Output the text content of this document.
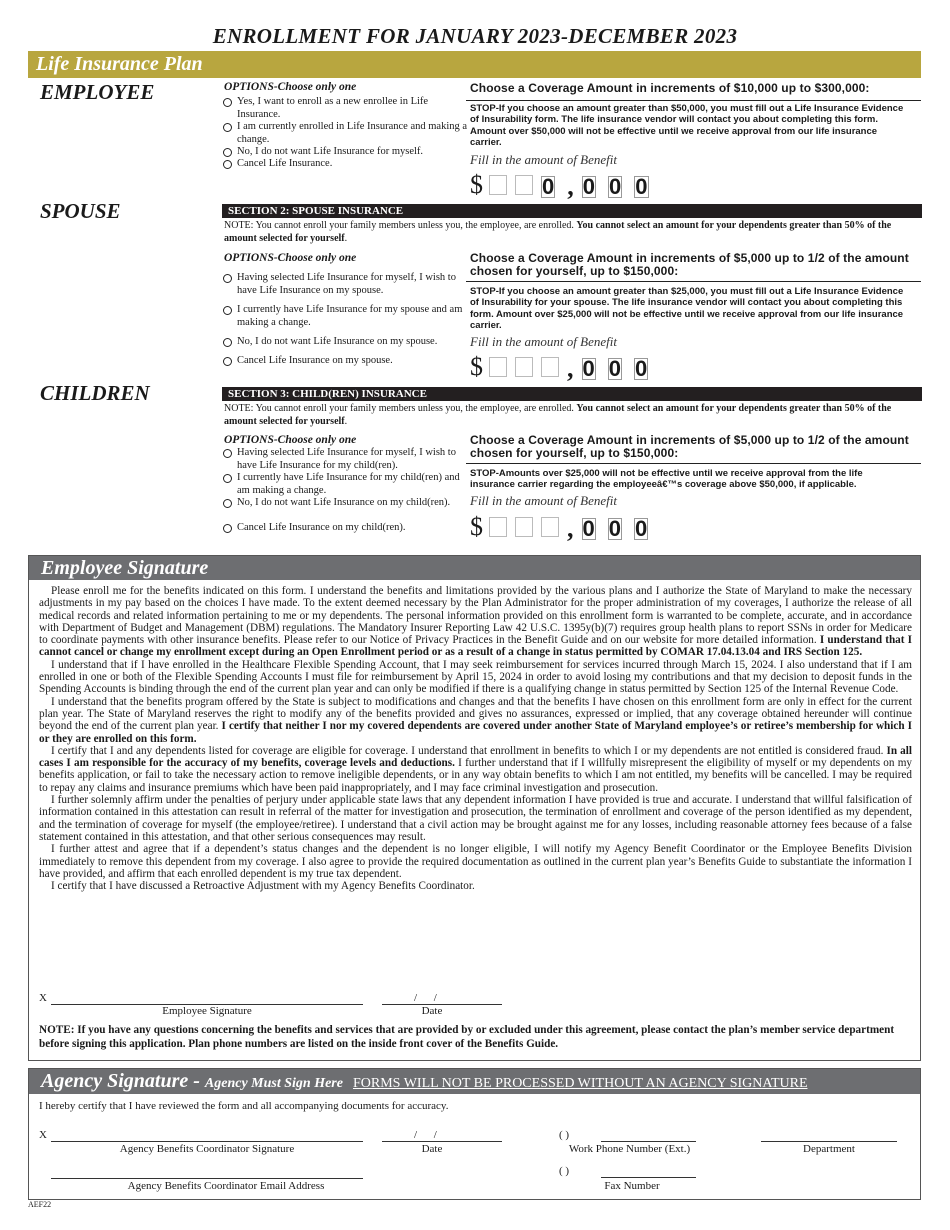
ENROLLMENT FOR JANUARY 2023-DECEMBER 2023
Life Insurance Plan
EMPLOYEE	OPTIONS-Choose only one
Yes, I want to enroll as a new enrollee in Life Insurance.
I am currently enrolled in Life Insurance and making a change.
No, I do not want Life Insurance for myself.
Cancel Life Insurance.
Choose a Coverage Amount in increments of $10,000 up to $300,000:
STOP-If you choose an amount greater than $50,000, you must fill out a Life Insurance Evidence of Insurability form. The life insurance vendor will contact you about completing this form. Amount over $50,000 will not be effective until we receive approval from our life insurance carrier.
Fill in the amount of Benefit
$	0 , 0 0 0
SPOUSE	SECTION 2: SPOUSE INSURANCE
NOTE: You cannot enroll your family members unless you, the employee, are enrolled. You cannot select an amount for your dependents greater than 50% of the amount selected for yourself.
OPTIONS-Choose only one
Having selected Life Insurance for myself, I wish to have Life Insurance on my spouse.
I currently have Life Insurance for my spouse and am making a change.
No, I do not want Life Insurance on my spouse.
Cancel Life Insurance on my spouse.
Choose a Coverage Amount in increments of $5,000 up to 1/2 of the amount chosen for yourself, up to $150,000:
STOP-If you choose an amount greater than $25,000, you must fill out a Life Insurance Evidence of Insurability for your spouse. The life insurance vendor will contact you about completing this form. Amount over $25,000 will not be effective until we receive approval from our life insurance carrier.
Fill in the amount of Benefit
$	, 0 0 0
CHILDREN	SECTION 3: CHILD(REN) INSURANCE
NOTE: You cannot enroll your family members unless you, the employee, are enrolled. You cannot select an amount for your dependents greater than 50% of the amount selected for yourself.
OPTIONS-Choose only one
Having selected Life Insurance for myself, I wish to have Life Insurance for my child(ren).
I currently have Life Insurance for my child(ren) and am making a change.
No, I do not want Life Insurance on my child(ren).
Cancel Life Insurance on my child(ren).
Choose a Coverage Amount in increments of $5,000 up to 1/2 of the amount chosen for yourself, up to $150,000:
STOP-Amounts over $25,000 will not be effective until we receive approval from the life insurance carrier regarding the employeeâ€™s coverage above $50,000, if applicable.
Fill in the amount of Benefit
$	, 0 0 0
Employee Signature

Please enroll me for the benefits indicated on this form. I understand the benefits and limitations provided by the various plans and I authorize the State of Maryland to make the necessary adjustments in my pay based on the choices I have made. To the extent deemed necessary by the Plan Administrator for the proper administration of my coverages, I authorize the release of all medical records and related information pertaining to me or my dependents. The personal information provided on this enrollment form is warranted to be complete, accurate, and in accordance with Department of Budget and Management (DBM) regulations. The Mandatory Insurer Reporting Law 42 U.S.C. 1395y(b)(7) requires group health plans to report SSNs in order for Medicare to coordinate payments with other insurance benefits. Please refer to our Notice of Privacy Practices in the Benefit Guide and on our website for more detailed information. I understand that I cannot cancel or change my enrollment except during an Open Enrollment period or as a result of a change in status permitted by COMAR 17.04.13.04 and IRS Section 125.

I understand that if I have enrolled in the Healthcare Flexible Spending Account, that I may seek reimbursement for services incurred through March 15, 2024. I also understand that if I am enrolled in one or both of the Flexible Spending Accounts I must file for reimbursement by April 15, 2024 in order to avoid losing my contributions and that my decision to deposit funds in the Spending Accounts is binding through the end of the current plan year and can only be modified if there is a qualifying change in status permitted by Section 125 of the Internal Revenue Code.

I understand that the benefits program offered by the State is subject to modifications and changes and that the benefits I have chosen on this enrollment form are only in effect for the current plan year. The State of Maryland reserves the right to modify any of the benefits provided and gives no assurances, expressed or implied, that any coverage obtained hereunder will continue beyond the end of the current plan year. I certify that neither I nor my covered dependents are covered under another State of Maryland employee’s or retiree’s membership for which I or they are enrolled on this form.

I certify that I and any dependents listed for coverage are eligible for coverage. I understand that enrollment in benefits to which I or my dependents are not entitled is considered fraud. In all cases I am responsible for the accuracy of my benefits, coverage levels and deductions. I further understand that if I willfully misrepresent the eligibility of myself or my dependents on my benefits application, or fail to take the necessary action to remove ineligible dependents, or in any way obtain benefits to which I am not entitled, my benefits will be cancelled. I may be required to repay any claims and insurance premiums which have been paid inappropriately, and I may face criminal investigation and prosecution.

I further solemnly affirm under the penalties of perjury under applicable state laws that any dependent information I have provided is true and accurate. I understand that willful falsification of information contained in this attestation can result in referral of the matter for investigation and prosecution, the termination of enrollment and coverage of the person identified as my dependent, and the termination of coverage for myself (the employee/retiree). I understand that a civil action may be brought against me for any losses, including reasonable attorney fees because of a false statement contained in this attestation, and that other serious consequences may result.

I further attest and agree that if a dependent’s status changes and the dependent is no longer eligible, I will notify my Agency Benefit Coordinator or the Employee Benefits Division immediately to remove this dependent from my coverage. I also agree to provide the required documentation as outlined in the current plan year’s Benefits Guide to substantiate the information I have provided, and affirm that each enrolled dependent is my true tax dependent.

I certify that I have discussed a Retroactive Adjustment with my Agency Benefits Coordinator.

X
Employee Signature
/ /
Date
NOTE: If you have any questions concerning the benefits and services that are provided by or excluded under this agreement, please contact the plan’s member service department before signing this application. Plan phone numbers are listed on the inside front cover of the Benefits Guide.
Agency Signature - Agency Must Sign Here FORMS WILL NOT BE PROCESSED WITHOUT AN AGENCY SIGNATURE
I hereby certify that I have reviewed the form and all accompanying documents for accuracy.
X
Agency Benefits Coordinator Signature
/ /
Date
( )
Work Phone Number (Ext.)	Department
Agency Benefits Coordinator Email Address
( )
Fax Number
AEF22
